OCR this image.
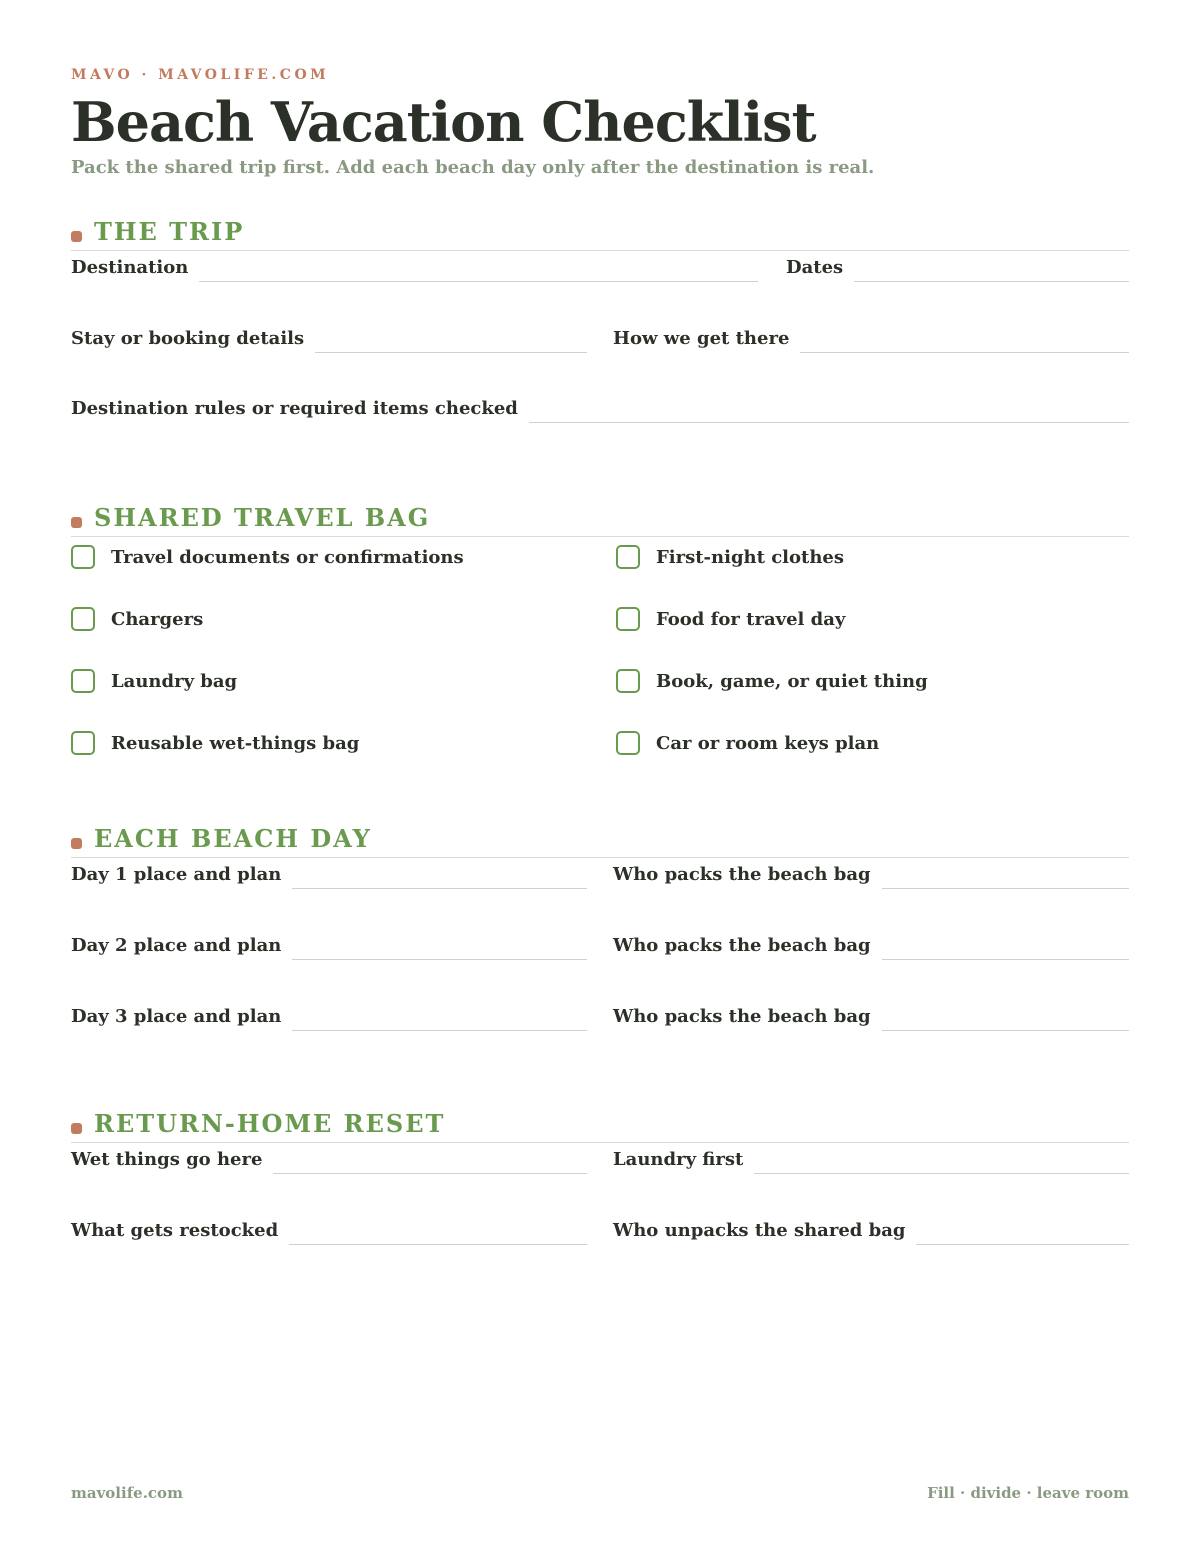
MAVO · MAVOLIFE.COM
Beach Vacation Checklist
Pack the shared trip first. Add each beach day only after the destination is real.
THE TRIP
Destination	Dates
Stay or booking details	How we get there
Destination rules or required items checked
SHARED TRAVEL BAG
Travel documents or confirmations	First-night clothes
Chargers	Food for travel day
Laundry bag	Book, game, or quiet thing
Reusable wet-things bag	Car or room keys plan
EACH BEACH DAY
Day 1 place and plan	Who packs the beach bag
Day 2 place and plan	Who packs the beach bag
Day 3 place and plan	Who packs the beach bag
RETURN-HOME RESET
Wet things go here	Laundry first
What gets restocked	Who unpacks the shared bag
mavolife.com	Fill · divide · leave room
